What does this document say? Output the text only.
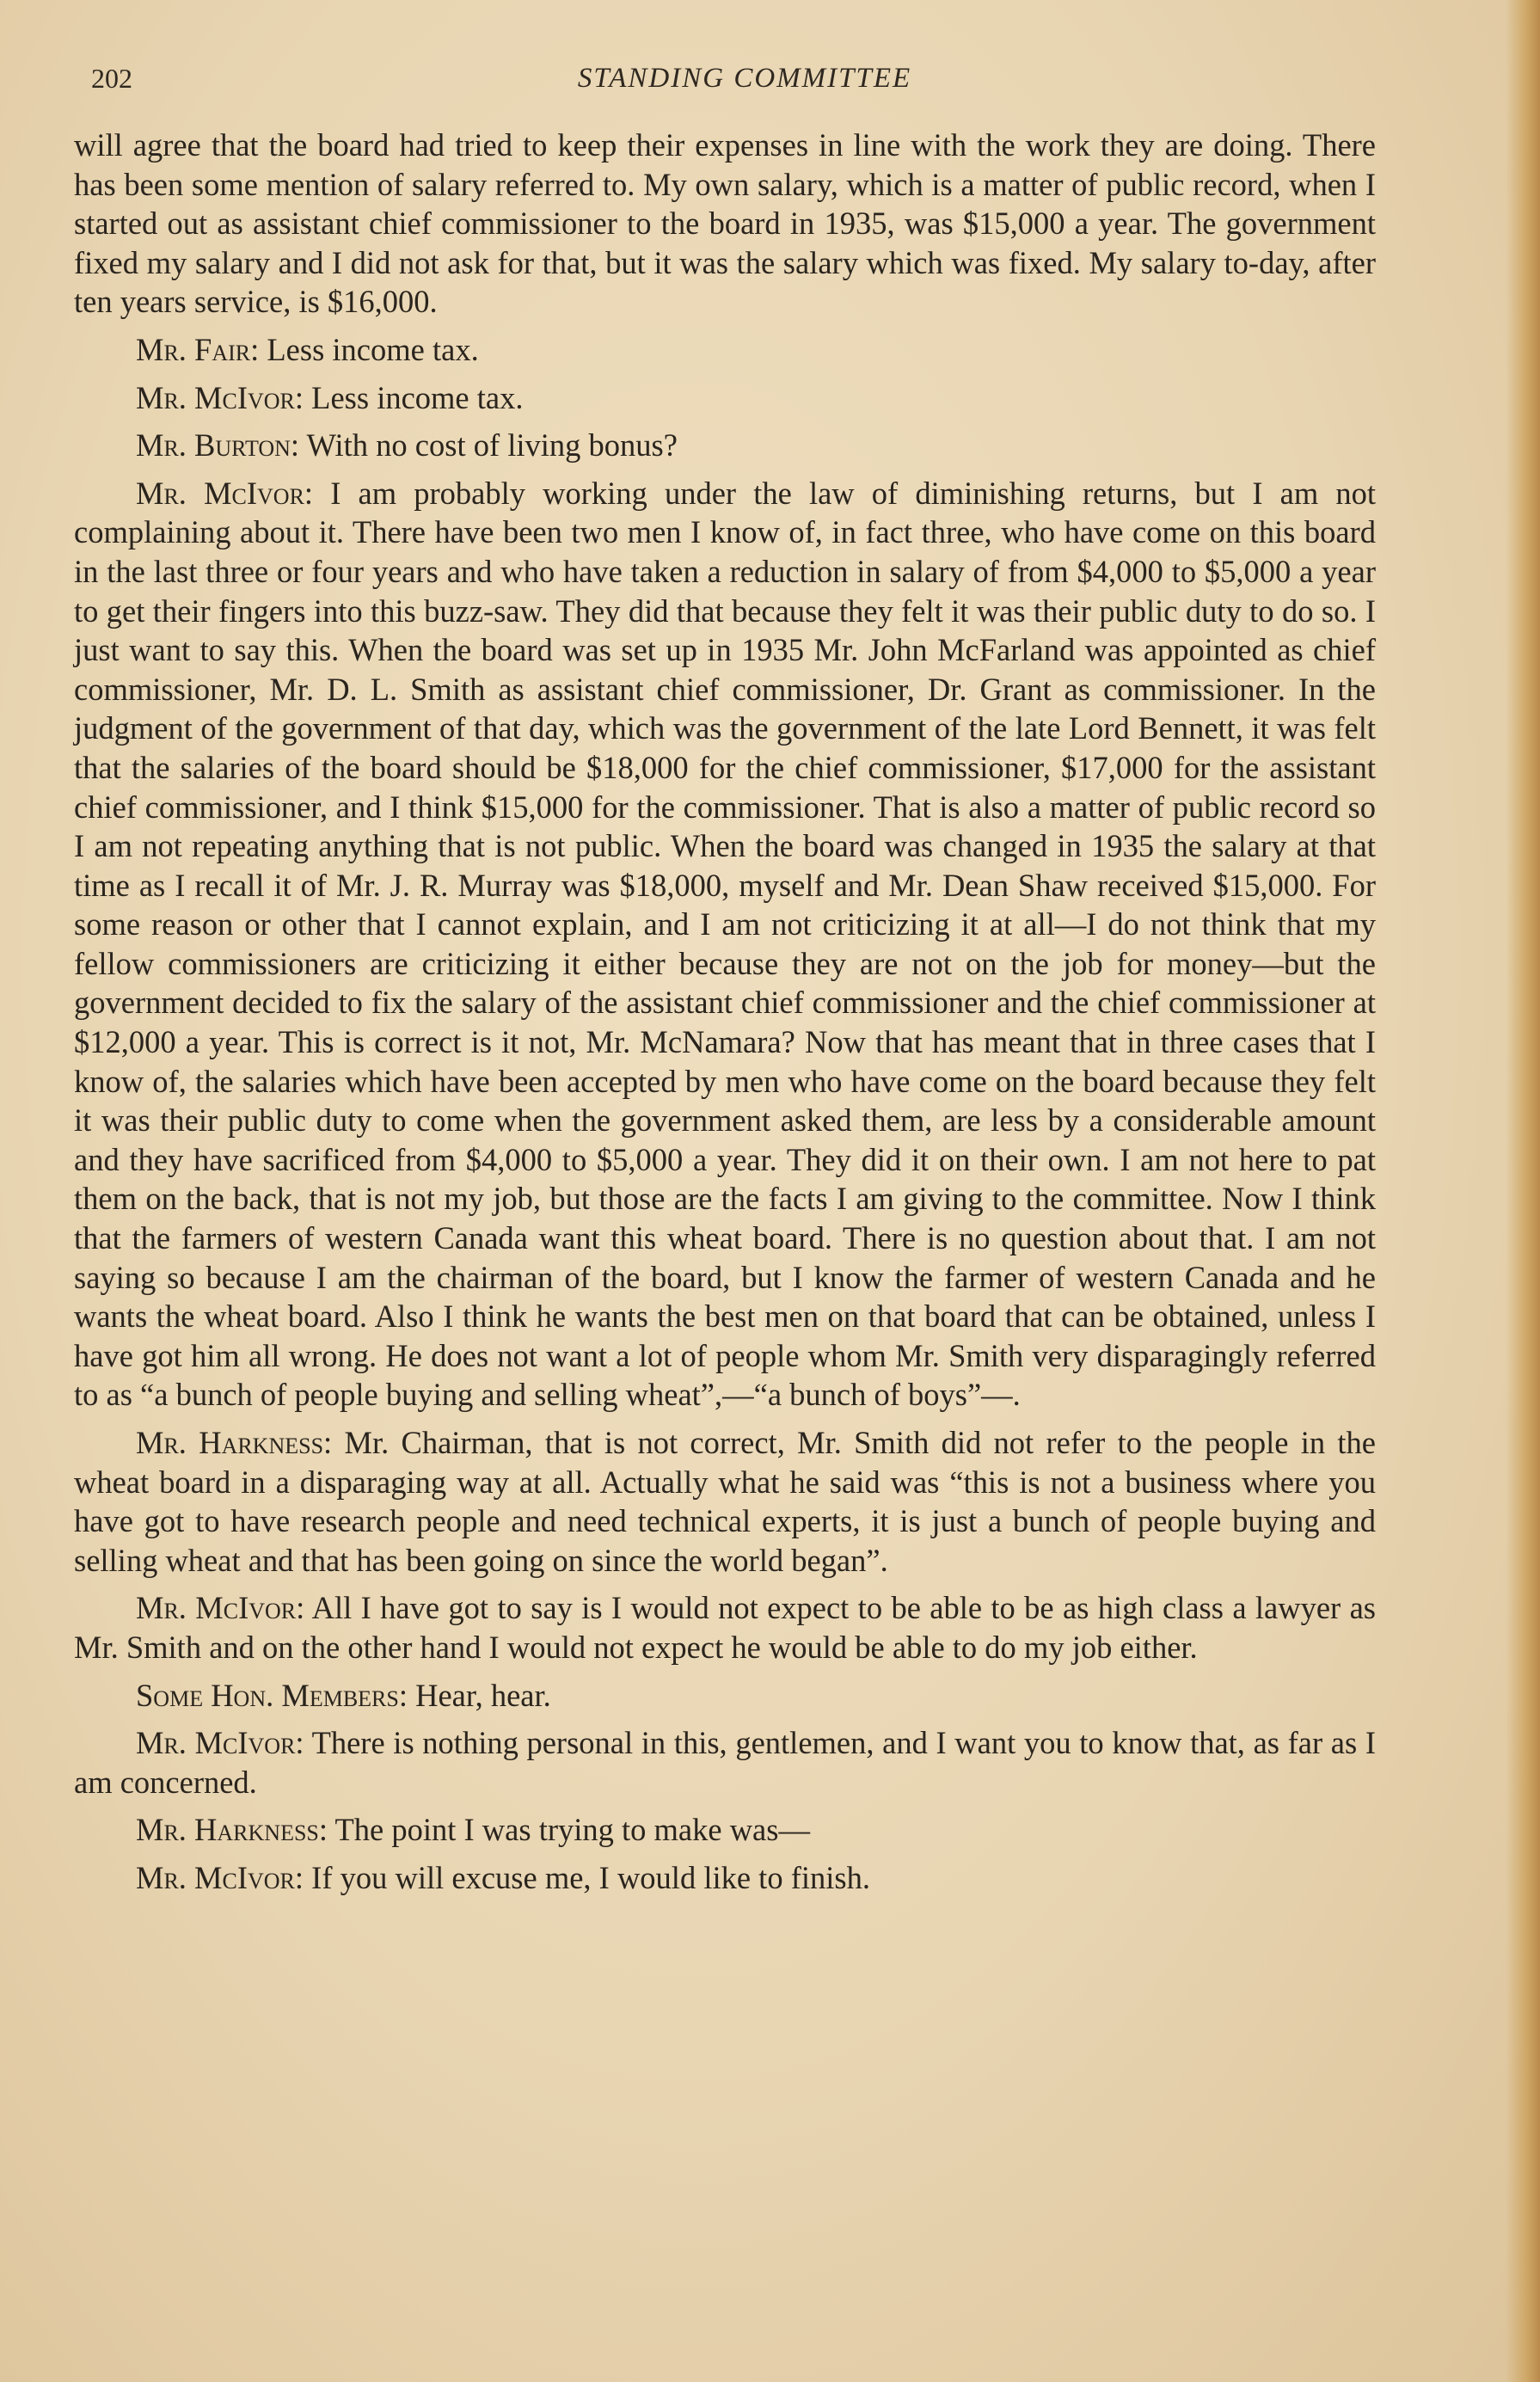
202	STANDING COMMITTEE

will agree that the board had tried to keep their expenses in line with the work they are doing. There has been some mention of salary referred to. My own salary, which is a matter of public record, when I started out as assistant chief commissioner to the board in 1935, was $15,000 a year. The government fixed my salary and I did not ask for that, but it was the salary which was fixed. My salary to-day, after ten years service, is $16,000.

Mr. Fair: Less income tax.

Mr. McIvor: Less income tax.

Mr. Burton: With no cost of living bonus?

Mr. McIvor: I am probably working under the law of diminishing returns, but I am not complaining about it. There have been two men I know of, in fact three, who have come on this board in the last three or four years and who have taken a reduction in salary of from $4,000 to $5,000 a year to get their fingers into this buzz-saw. They did that because they felt it was their public duty to do so. I just want to say this. When the board was set up in 1935 Mr. John McFarland was appointed as chief commissioner, Mr. D. L. Smith as assistant chief commissioner, Dr. Grant as commissioner. In the judgment of the government of that day, which was the government of the late Lord Bennett, it was felt that the salaries of the board should be $18,000 for the chief commissioner, $17,000 for the assistant chief commissioner, and I think $15,000 for the commissioner. That is also a matter of public record so I am not repeating anything that is not public. When the board was changed in 1935 the salary at that time as I recall it of Mr. J. R. Murray was $18,000, myself and Mr. Dean Shaw received $15,000. For some reason or other that I cannot explain, and I am not criticizing it at all—I do not think that my fellow commissioners are criticizing it either because they are not on the job for money—but the government decided to fix the salary of the assistant chief commissioner and the chief commissioner at $12,000 a year. This is correct is it not, Mr. McNamara? Now that has meant that in three cases that I know of, the salaries which have been accepted by men who have come on the board because they felt it was their public duty to come when the government asked them, are less by a considerable amount and they have sacrificed from $4,000 to $5,000 a year. They did it on their own. I am not here to pat them on the back, that is not my job, but those are the facts I am giving to the committee. Now I think that the farmers of western Canada want this wheat board. There is no question about that. I am not saying so because I am the chairman of the board, but I know the farmer of western Canada and he wants the wheat board. Also I think he wants the best men on that board that can be obtained, unless I have got him all wrong. He does not want a lot of people whom Mr. Smith very disparagingly referred to as “a bunch of people buying and selling wheat”,—“a bunch of boys”—.

Mr. Harkness: Mr. Chairman, that is not correct, Mr. Smith did not refer to the people in the wheat board in a disparaging way at all. Actually what he said was “this is not a business where you have got to have research people and need technical experts, it is just a bunch of people buying and selling wheat and that has been going on since the world began”.

Mr. McIvor: All I have got to say is I would not expect to be able to be as high class a lawyer as Mr. Smith and on the other hand I would not expect he would be able to do my job either.

Some Hon. Members: Hear, hear.

Mr. McIvor: There is nothing personal in this, gentlemen, and I want you to know that, as far as I am concerned.

Mr. Harkness: The point I was trying to make was—

Mr. McIvor: If you will excuse me, I would like to finish.
